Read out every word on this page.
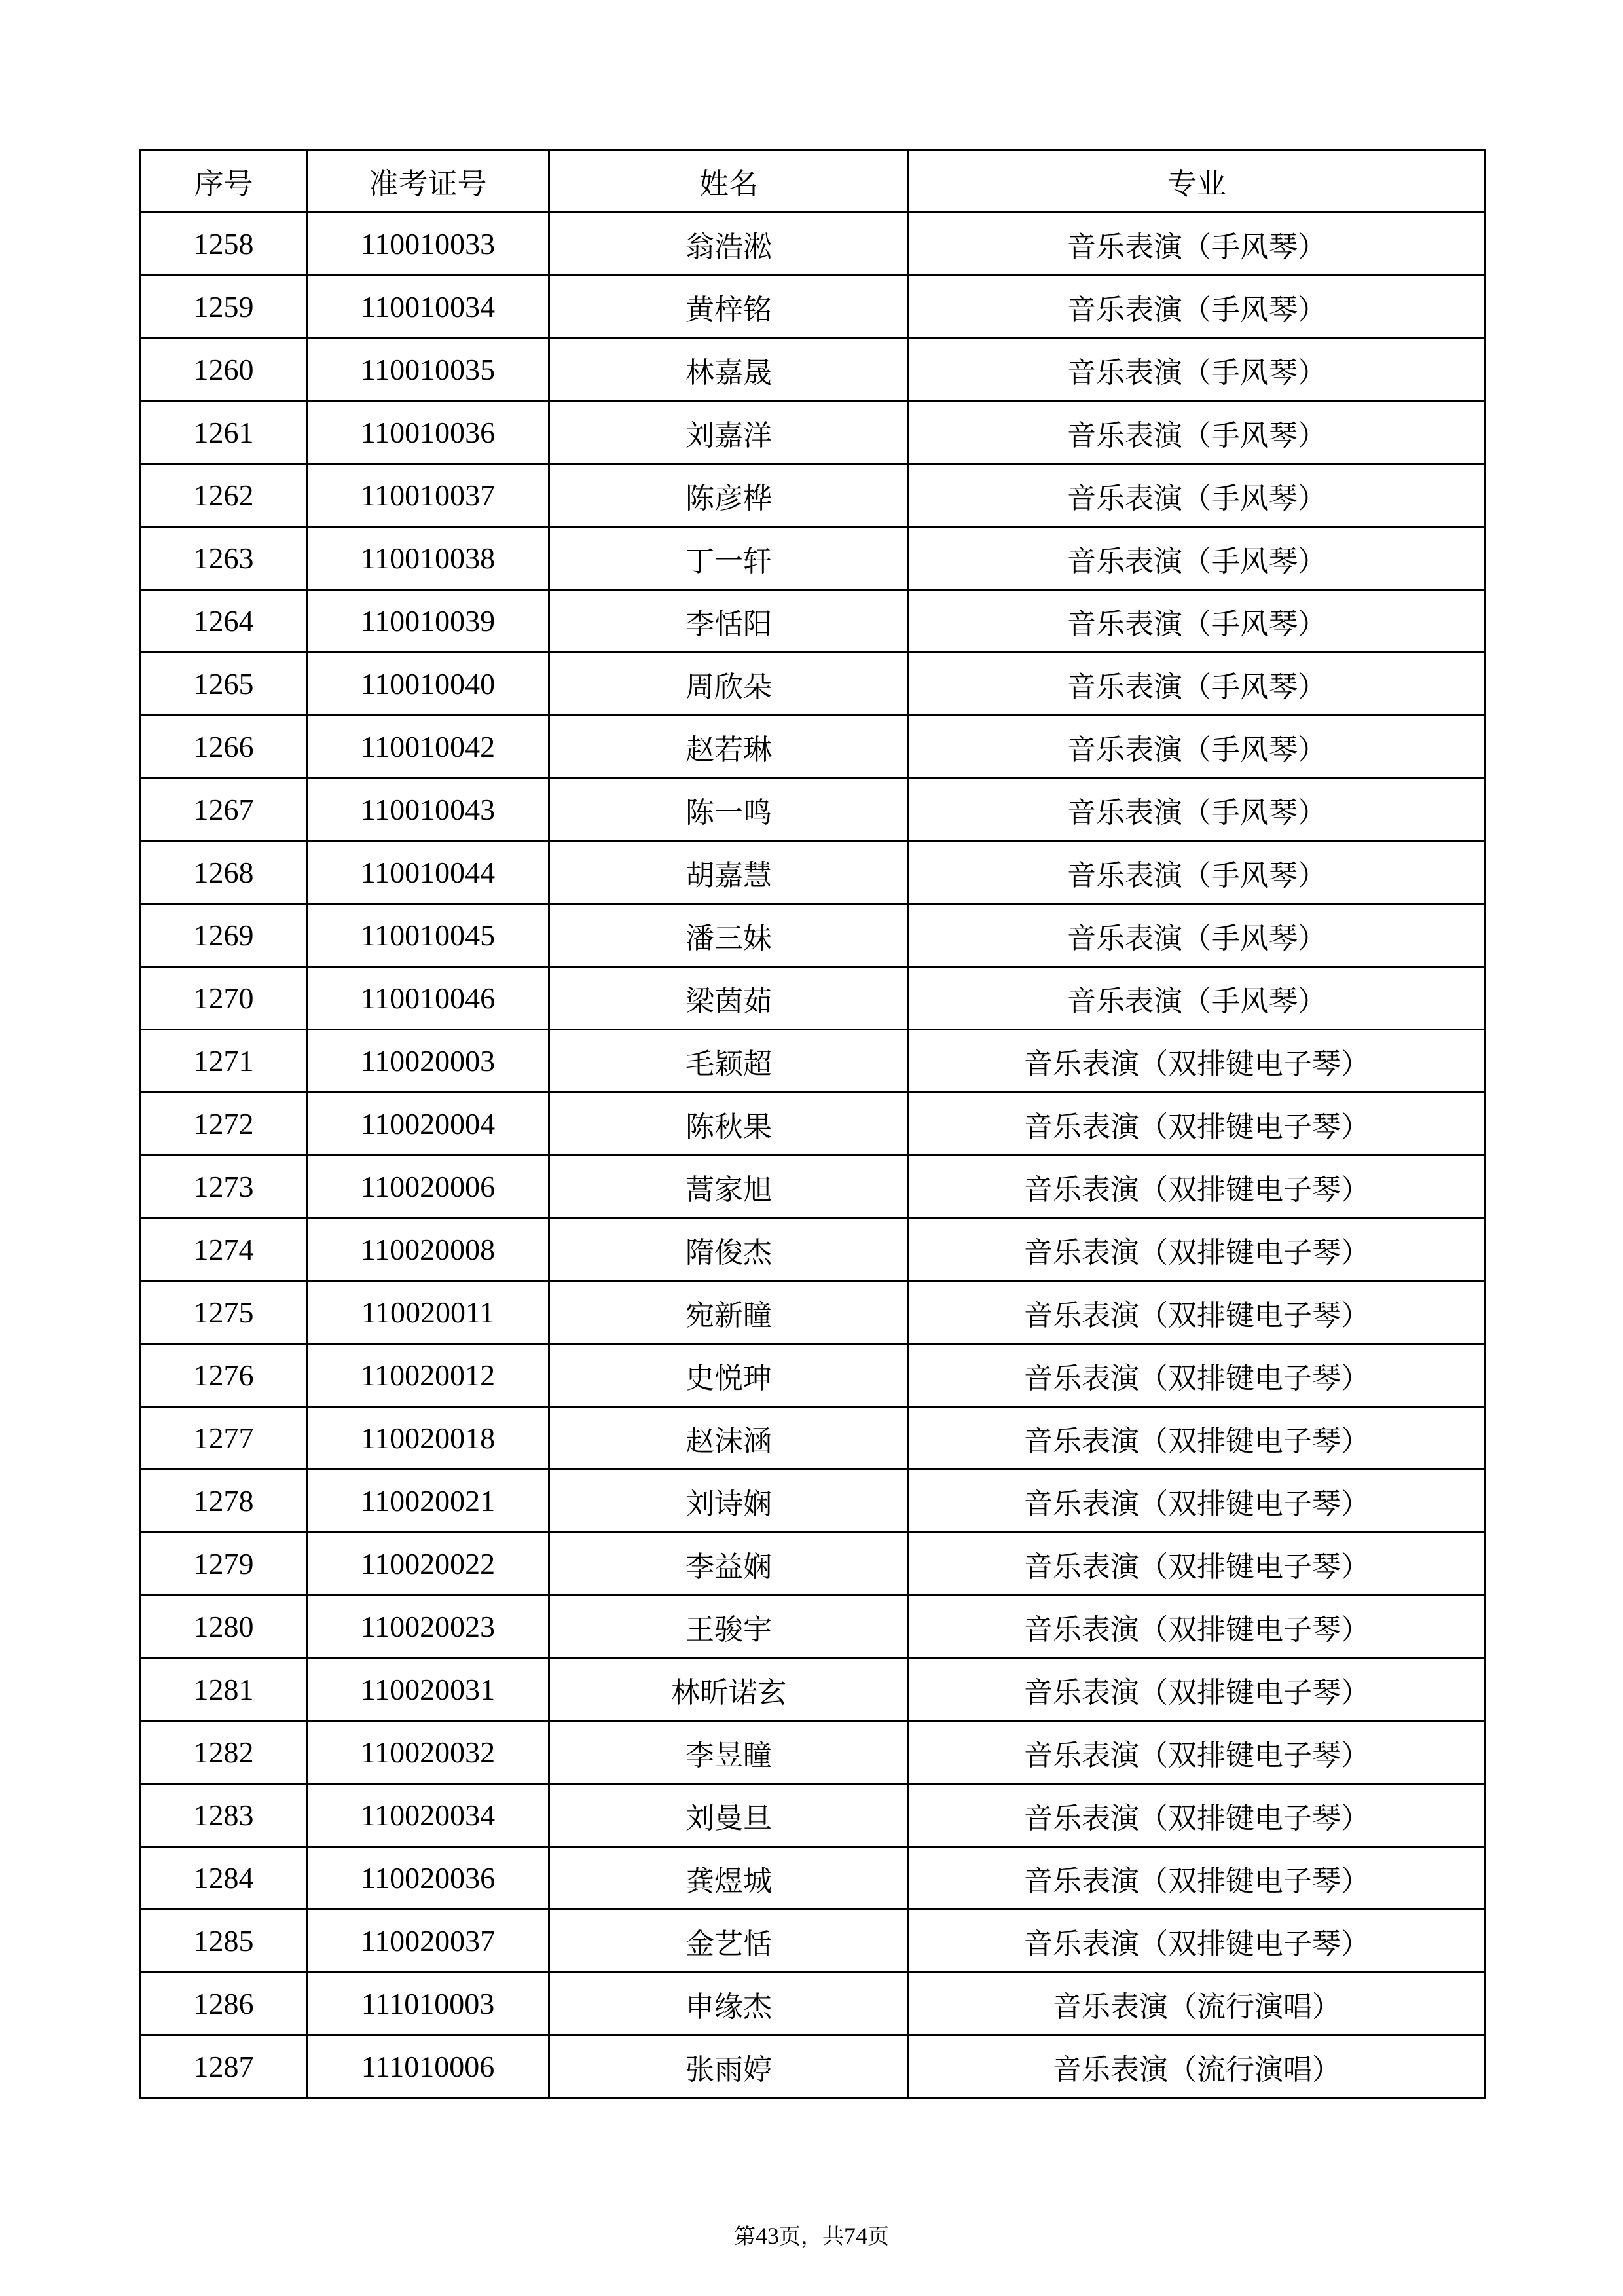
序号	准考证号	姓名	专业
1258	110010033	翁浩淞	音乐表演（手风琴）
1259	110010034	黄梓铭	音乐表演（手风琴）
1260	110010035	林嘉晟	音乐表演（手风琴）
1261	110010036	刘嘉洋	音乐表演（手风琴）
1262	110010037	陈彦桦	音乐表演（手风琴）
1263	110010038	丁一轩	音乐表演（手风琴）
1264	110010039	李恬阳	音乐表演（手风琴）
1265	110010040	周欣朵	音乐表演（手风琴）
1266	110010042	赵若琳	音乐表演（手风琴）
1267	110010043	陈一鸣	音乐表演（手风琴）
1268	110010044	胡嘉慧	音乐表演（手风琴）
1269	110010045	潘三妹	音乐表演（手风琴）
1270	110010046	梁茵茹	音乐表演（手风琴）
1271	110020003	毛颖超	音乐表演（双排键电子琴）
1272	110020004	陈秋果	音乐表演（双排键电子琴）
1273	110020006	蒿家旭	音乐表演（双排键电子琴）
1274	110020008	隋俊杰	音乐表演（双排键电子琴）
1275	110020011	宛新瞳	音乐表演（双排键电子琴）
1276	110020012	史悦珅	音乐表演（双排键电子琴）
1277	110020018	赵沫涵	音乐表演（双排键电子琴）
1278	110020021	刘诗娴	音乐表演（双排键电子琴）
1279	110020022	李益娴	音乐表演（双排键电子琴）
1280	110020023	王骏宇	音乐表演（双排键电子琴）
1281	110020031	林昕诺玄	音乐表演（双排键电子琴）
1282	110020032	李昱瞳	音乐表演（双排键电子琴）
1283	110020034	刘曼旦	音乐表演（双排键电子琴）
1284	110020036	龚煜城	音乐表演（双排键电子琴）
1285	110020037	金艺恬	音乐表演（双排键电子琴）
1286	111010003	申缘杰	音乐表演（流行演唱）
1287	111010006	张雨婷	音乐表演（流行演唱）
第43页，共74页
